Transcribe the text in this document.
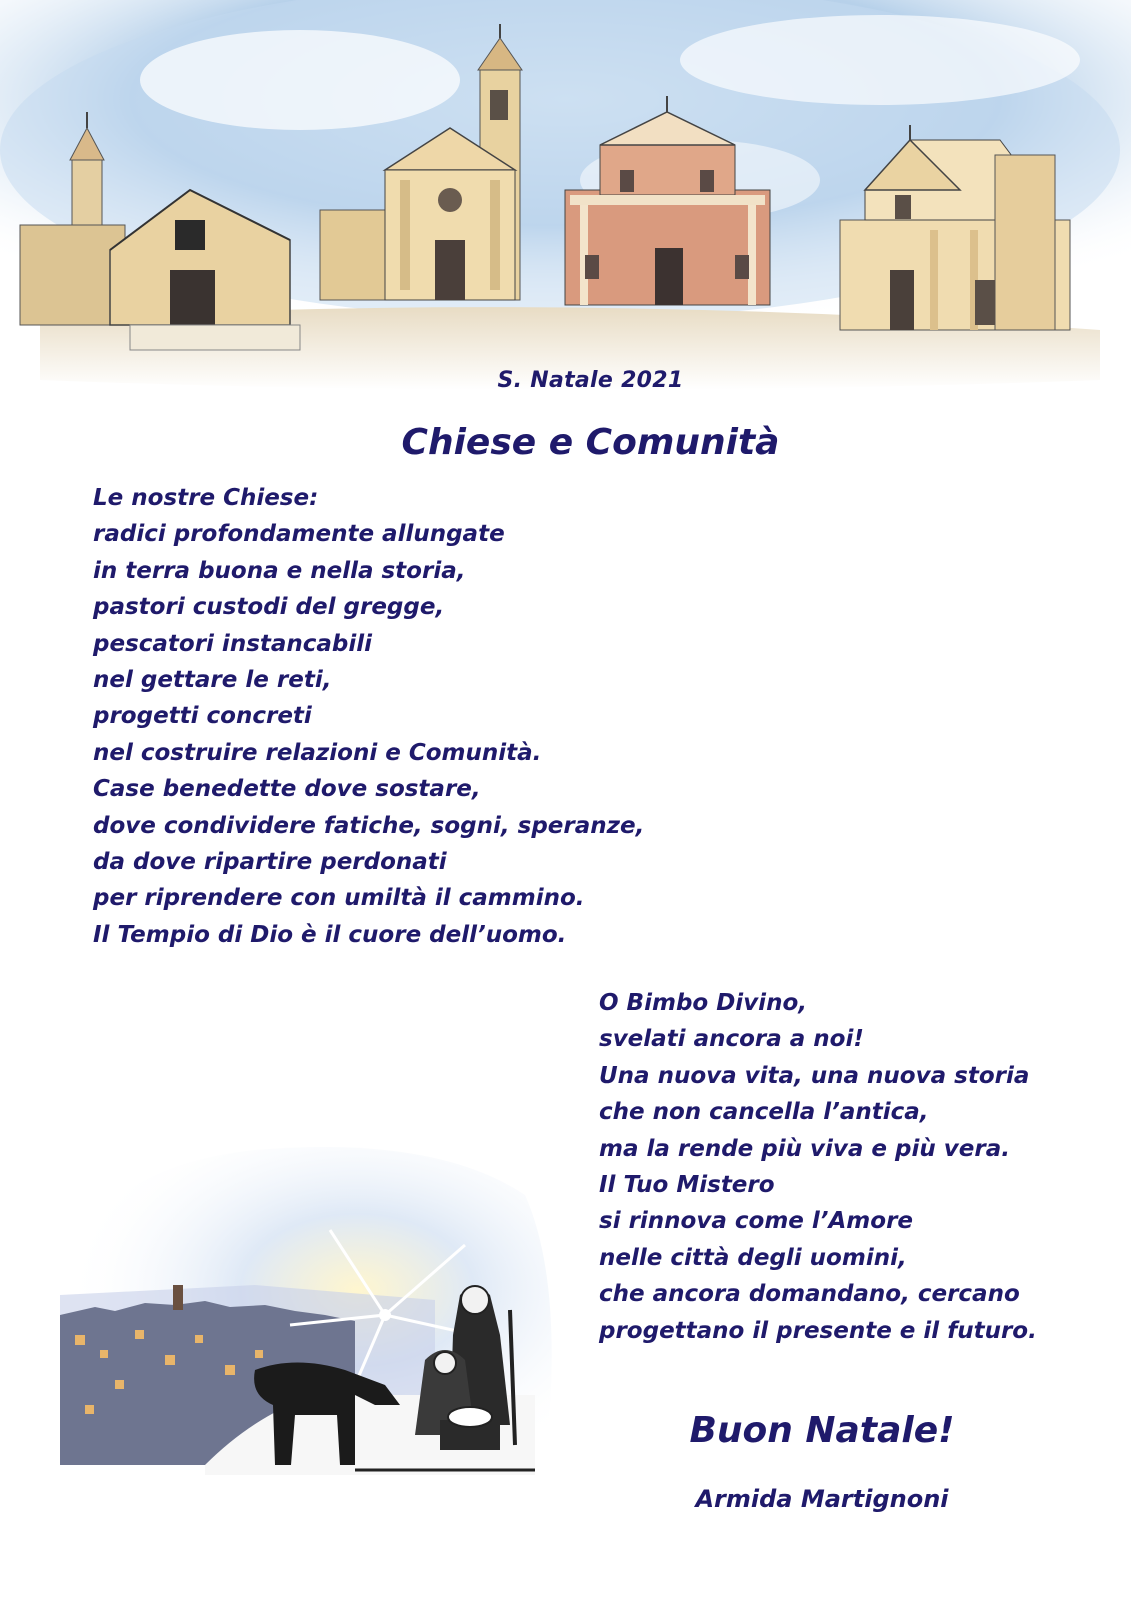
S. Natale 2021
Chiese e Comunità
Le nostre Chiese:
radici profondamente allungate
in terra buona e nella storia,
pastori custodi del gregge,
pescatori instancabili
nel gettare le reti,
progetti concreti
nel costruire relazioni e Comunità.
Case benedette dove sostare,
dove condividere fatiche, sogni, speranze,
da dove ripartire perdonati
per riprendere con umiltà il cammino.
Il Tempio di Dio è il cuore dell’uomo.
O Bimbo Divino,
svelati ancora a noi!
Una nuova vita, una nuova storia
che non cancella l’antica,
ma la rende più viva e più vera.
Il Tuo Mistero
si rinnova come l’Amore
nelle città degli uomini,
che ancora domandano, cercano
progettano il presente e il futuro.
Buon Natale!
Armida Martignoni
